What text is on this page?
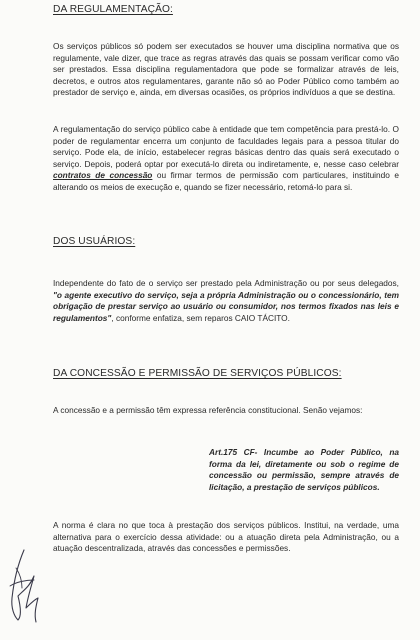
DA REGULAMENTAÇÃO:

Os serviços públicos só podem ser executados se houver uma disciplina normativa que os regulamente, vale dizer, que trace as regras através das quais se possam verificar como vão ser prestados. Essa disciplina regulamentadora que pode se formalizar através de leis, decretos, e outros atos regulamentares, garante não só ao Poder Público como também ao prestador de serviço e, ainda, em diversas ocasiões, os próprios indivíduos a que se destina.

A regulamentação do serviço público cabe à entidade que tem competência para prestá-lo. O poder de regulamentar encerra um conjunto de faculdades legais para a pessoa titular do serviço. Pode ela, de início, estabelecer regras básicas dentro das quais será executado o serviço. Depois, poderá optar por executá-lo direta ou indiretamente, e, nesse caso celebrar contratos de concessão ou firmar termos de permissão com particulares, instituindo e alterando os meios de execução e, quando se fizer necessário, retomá-lo para si.

DOS USUÁRIOS:

Independente do fato de o serviço ser prestado pela Administração ou por seus delegados, "o agente executivo do serviço, seja a própria Administração ou o concessionário, tem obrigação de prestar serviço ao usuário ou consumidor, nos termos fixados nas leis e regulamentos", conforme enfatiza, sem reparos CAIO TÁCITO.

DA CONCESSÃO E PERMISSÃO DE SERVIÇOS PÚBLICOS:

A concessão e a permissão têm expressa referência constitucional. Senão vejamos:

Art.175 CF- Incumbe ao Poder Público, na forma da lei, diretamente ou sob o regime de concessão ou permissão, sempre através de licitação, a prestação de serviços públicos.

A norma é clara no que toca à prestação dos serviços públicos. Institui, na verdade, uma alternativa para o exercício dessa atividade: ou a atuação direta pela Administração, ou a atuação descentralizada, através das concessões e permissões.
